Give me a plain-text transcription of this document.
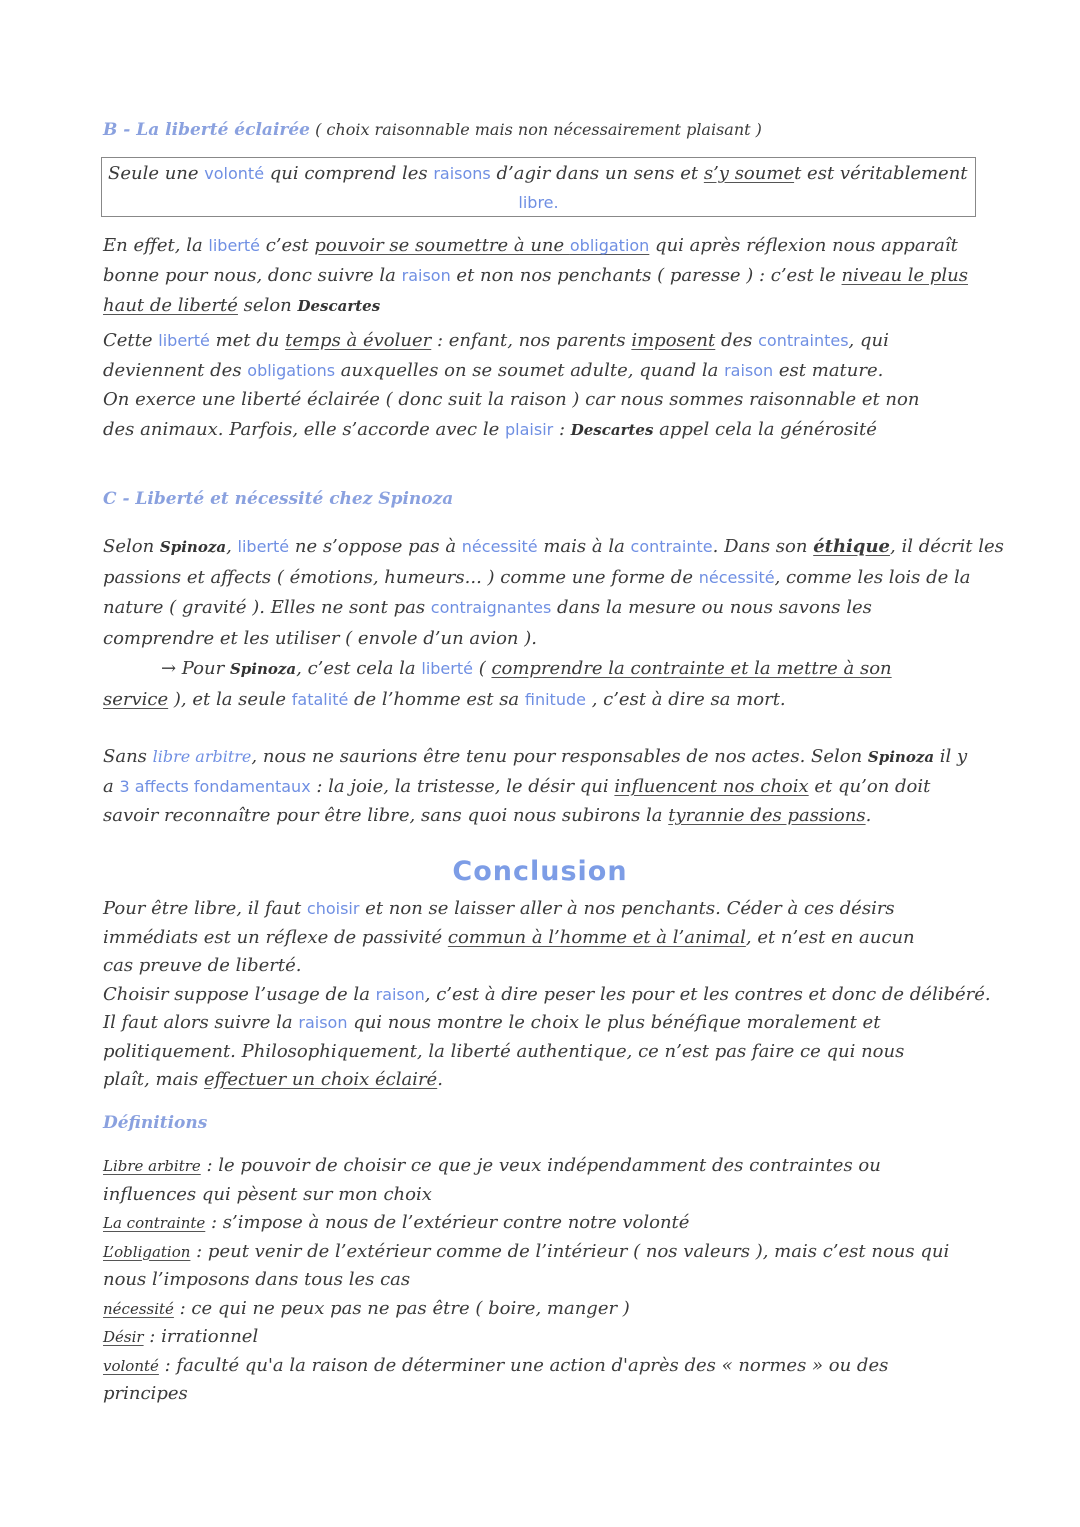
B - La liberté éclairée ( choix raisonnable mais non nécessairement plaisant )
Seule une volonté qui comprend les raisons d’agir dans un sens et s’y soumet est véritablement
libre.
En effet, la liberté c’est pouvoir se soumettre à une obligation qui après réflexion nous apparaît
bonne pour nous, donc suivre la raison et non nos penchants ( paresse ) : c’est le niveau le plus
haut de liberté selon Descartes
Cette liberté met du temps à évoluer : enfant, nos parents imposent des contraintes, qui
deviennent des obligations auxquelles on se soumet adulte, quand la raison est mature.
On exerce une liberté éclairée ( donc suit la raison ) car nous sommes raisonnable et non
des animaux. Parfois, elle s’accorde avec le plaisir : Descartes appel cela la générosité
C - Liberté et nécessité chez Spinoza
Selon Spinoza, liberté ne s’oppose pas à nécessité mais à la contrainte. Dans son éthique, il décrit les
passions et affects ( émotions, humeurs... ) comme une forme de nécessité, comme les lois de la
nature ( gravité ). Elles ne sont pas contraignantes dans la mesure ou nous savons les
comprendre et les utiliser ( envole d’un avion ).
→ Pour Spinoza, c’est cela la liberté ( comprendre la contrainte et la mettre à son
service ), et la seule fatalité de l’homme est sa finitude , c’est à dire sa mort.
Sans libre arbitre, nous ne saurions être tenu pour responsables de nos actes. Selon Spinoza il y
a 3 affects fondamentaux : la joie, la tristesse, le désir qui influencent nos choix et qu’on doit
savoir reconnaître pour être libre, sans quoi nous subirons la tyrannie des passions.
Conclusion
Pour être libre, il faut choisir et non se laisser aller à nos penchants. Céder à ces désirs
immédiats est un réflexe de passivité commun à l’homme et à l’animal, et n’est en aucun
cas preuve de liberté.
Choisir suppose l’usage de la raison, c’est à dire peser les pour et les contres et donc de délibéré.
Il faut alors suivre la raison qui nous montre le choix le plus bénéfique moralement et
politiquement. Philosophiquement, la liberté authentique, ce n’est pas faire ce qui nous
plaît, mais effectuer un choix éclairé.
Définitions
Libre arbitre : le pouvoir de choisir ce que je veux indépendamment des contraintes ou
influences qui pèsent sur mon choix
La contrainte : s’impose à nous de l’extérieur contre notre volonté
L’obligation : peut venir de l’extérieur comme de l’intérieur ( nos valeurs ), mais c’est nous qui
nous l’imposons dans tous les cas
nécessité : ce qui ne peux pas ne pas être ( boire, manger )
Désir : irrationnel
volonté : faculté qu'a la raison de déterminer une action d'après des « normes » ou des
principes
